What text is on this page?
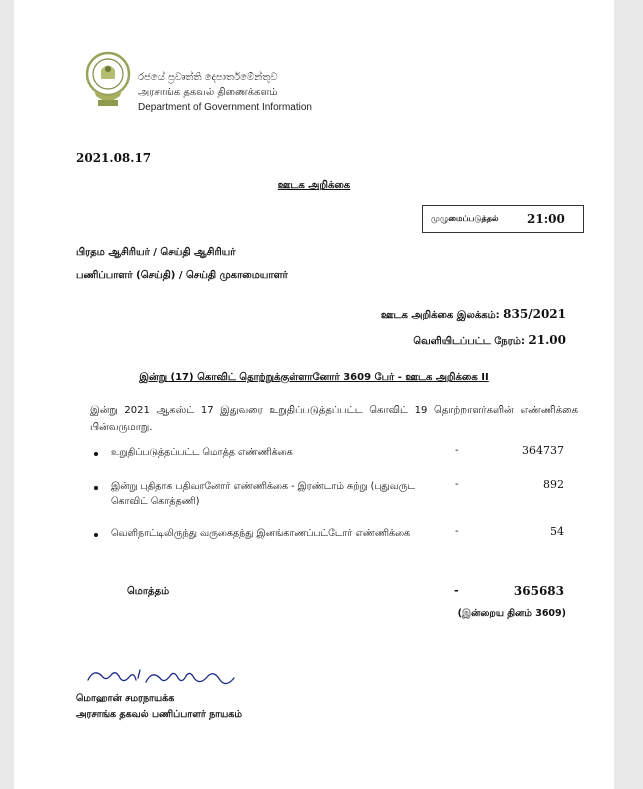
රජයේ ප්‍රවෘත්ති දෙපාර්තමේන්තුව
அரசாங்க தகவல் திணைக்களம்
Department of Government Information
2021.08.17
ஊடக அறிக்கை
முழுமைப்படுத்தல் 21:00
பிரதம ஆசிரியர் / செய்தி ஆசிரியர்
பணிப்பாளர் (செய்தி) / செய்தி முகாமையாளர்
ஊடக அறிக்கை இலக்கம்: 835/2021
வெளியிடப்பட்ட நேரம்: 21.00
இன்று (17) கொவிட் தொற்றுக்குள்ளானோர் 3609 பேர் - ஊடக அறிக்கை II
இன்று 2021 ஆகஸ்ட் 17 இதுவரை உறுதிப்படுத்தப்பட்ட கொவிட் 19 தொற்றாளர்களின் எண்ணிக்கை பின்வருமாறு.
உறுதிப்படுத்தப்பட்ட மொத்த எண்ணிக்கை	-	364737
இன்று புதிதாக பதிவானோர் எண்ணிக்கை - இரண்டாம் சுற்று (புதுவருட கொவிட் கொத்தணி)
-	892
வெளிநாட்டிலிருந்து வருகைதந்து இனங்காணப்பட்டோர் எண்ணிக்கை	-	54
மொத்தம்	-	365683
(இன்றைய தினம் 3609)
மொஹான் சமரநாயக்க
அரசாங்க தகவல் பணிப்பாளர் நாயகம்
